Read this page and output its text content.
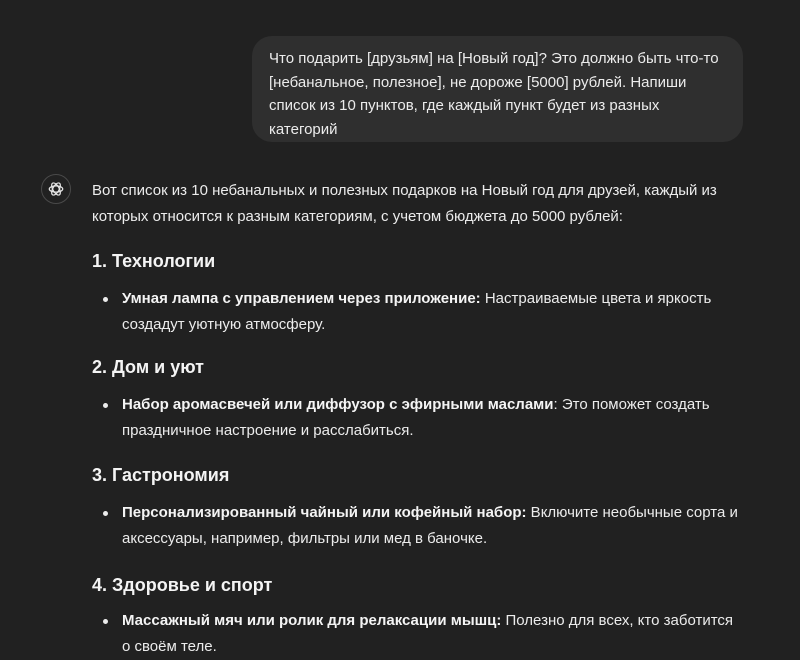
Что подарить [друзьям] на [Новый год]? Это должно быть что-то [небанальное, полезное], не дороже [5000] рублей. Напиши список из 10 пунктов, где каждый пункт будет из разных категорий

Вот список из 10 небанальных и полезных подарков на Новый год для друзей, каждый из которых относится к разным категориям, с учетом бюджета до 5000 рублей:

1. Технологии
Умная лампа с управлением через приложение: Настраиваемые цвета и яркость создадут уютную атмосферу.
2. Дом и уют
Набор аромасвечей или диффузор с эфирными маслами: Это поможет создать праздничное настроение и расслабиться.
3. Гастрономия
Персонализированный чайный или кофейный набор: Включите необычные сорта и аксессуары, например, фильтры или мед в баночке.
4. Здоровье и спорт
Массажный мяч или ролик для релаксации мышц: Полезно для всех, кто заботится о своём теле.
